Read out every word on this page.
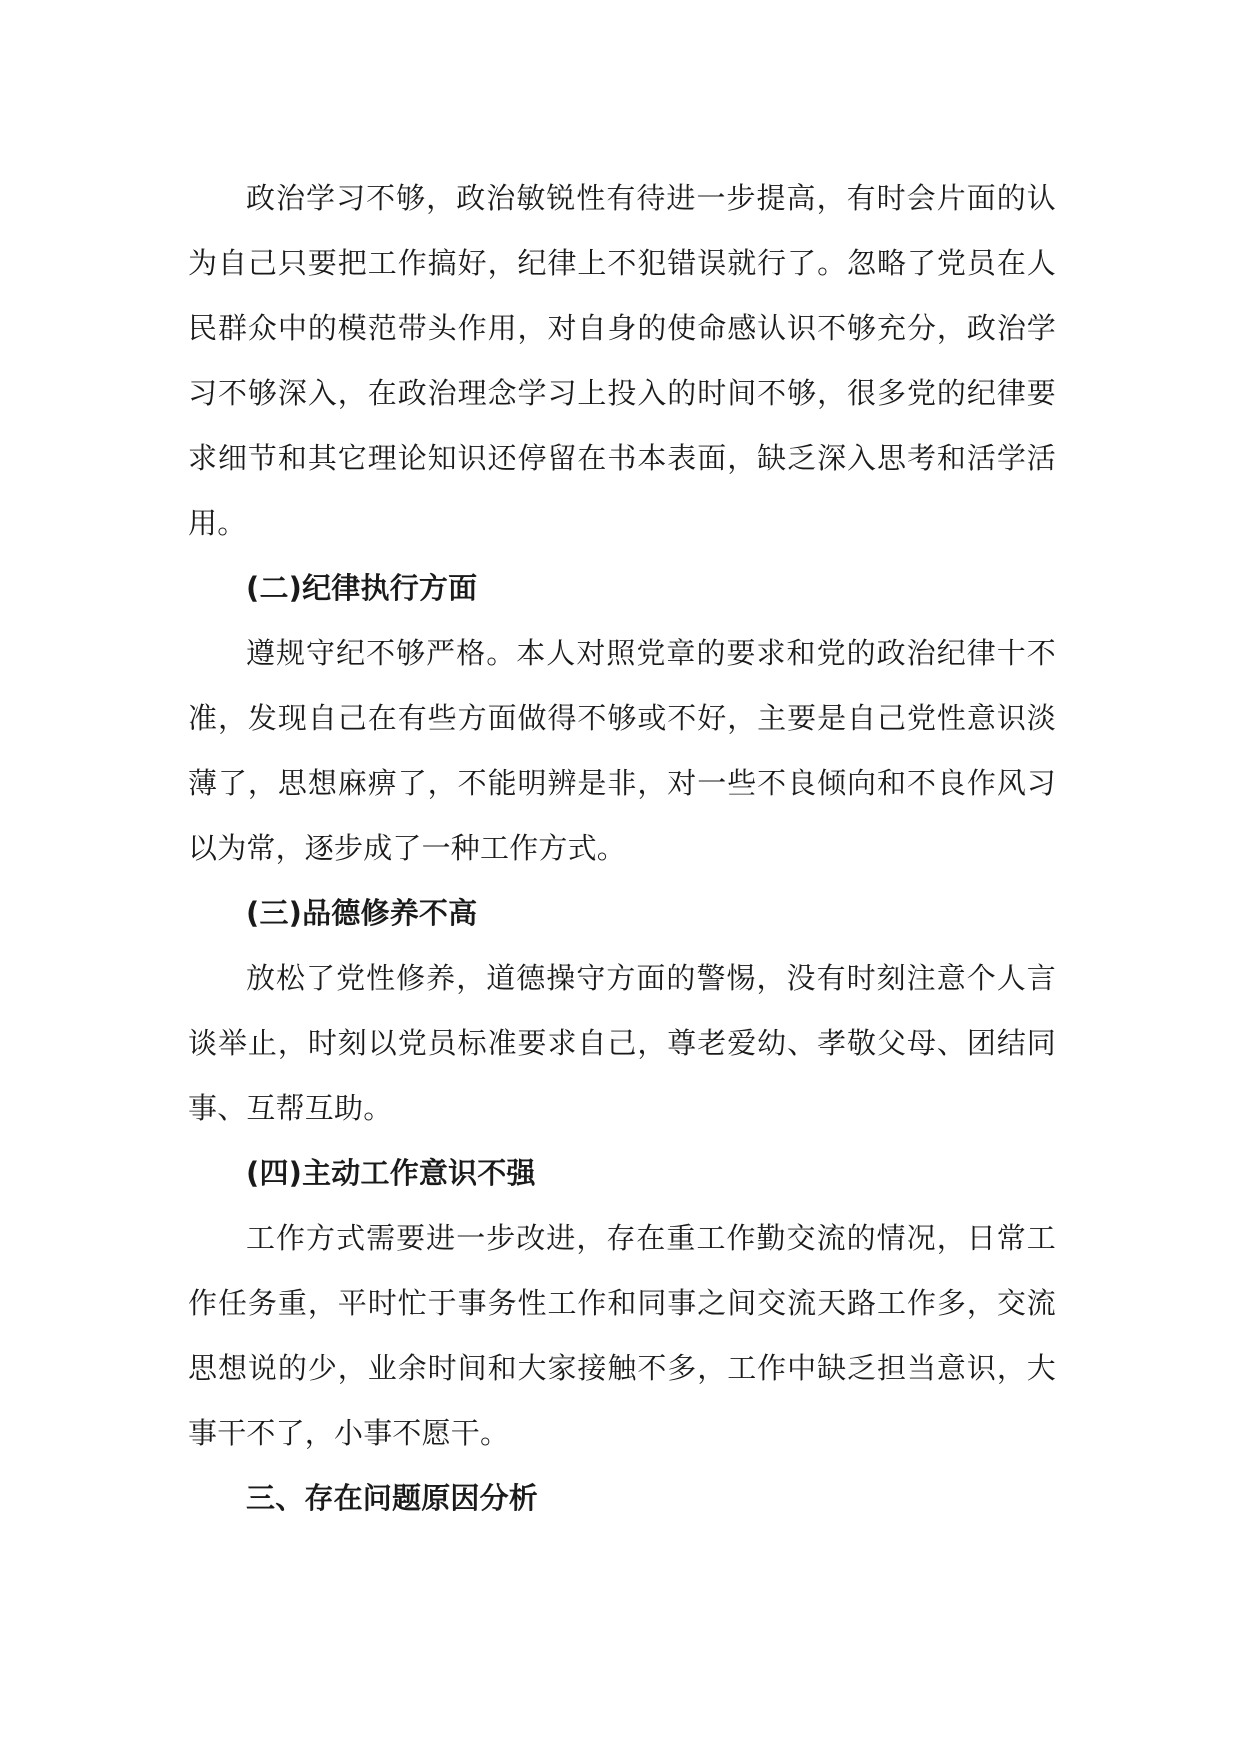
政治学习不够，政治敏锐性有待进一步提高，有时会片面的认为自己只要把工作搞好，纪律上不犯错误就行了。忽略了党员在人民群众中的模范带头作用，对自身的使命感认识不够充分，政治学习不够深入，在政治理念学习上投入的时间不够，很多党的纪律要求细节和其它理论知识还停留在书本表面，缺乏深入思考和活学活用。

(二)纪律执行方面

遵规守纪不够严格。本人对照党章的要求和党的政治纪律十不准，发现自己在有些方面做得不够或不好，主要是自己党性意识淡薄了，思想麻痹了，不能明辨是非，对一些不良倾向和不良作风习以为常，逐步成了一种工作方式。

(三)品德修养不高

放松了党性修养，道德操守方面的警惕，没有时刻注意个人言谈举止，时刻以党员标准要求自己，尊老爱幼、孝敬父母、团结同事、互帮互助。

(四)主动工作意识不强

工作方式需要进一步改进，存在重工作勤交流的情况，日常工作任务重，平时忙于事务性工作和同事之间交流天路工作多，交流思想说的少，业余时间和大家接触不多，工作中缺乏担当意识，大事干不了，小事不愿干。

三、存在问题原因分析
